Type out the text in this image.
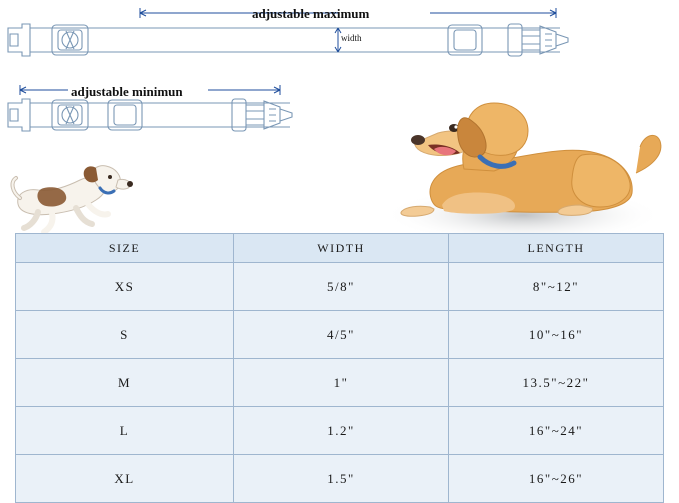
adjustable maximum
adjustable minimun
width
SIZE	WIDTH	LENGTH
XS	5/8"	8"~12"
S	4/5"	10"~16"
M	1"	13.5"~22"
L	1.2"	16"~24"
XL	1.5"	16"~26"
